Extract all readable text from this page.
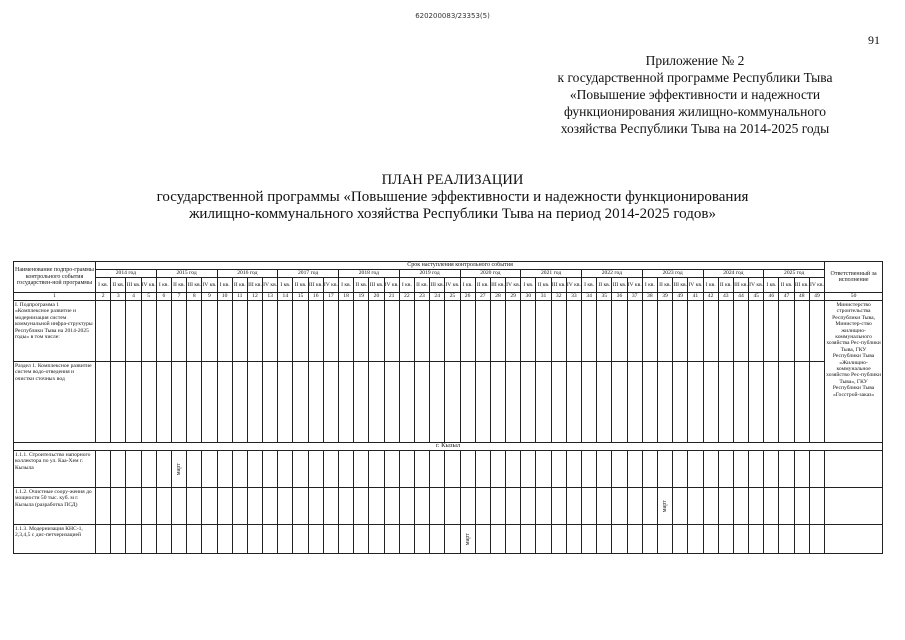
620200083/23353(5)
91
Приложение № 2
к государственной программе Республики Тыва
«Повышение эффективности и надежности
функционирования жилищно-коммунального
хозяйства Республики Тыва на 2014-2025 годы
ПЛАН РЕАЛИЗАЦИИ
государственной программы «Повышение эффективности и надежности функционирования
жилищно-коммунального хозяйства Республики Тыва на период 2014-2025 годов»
Наименование подпро-граммы контрольного события государствен-ной программы	Срок наступления контрольного события																																																Ответственный за исполнение
	2014 год				2015 год				2016 год				2017 год				2018 год				2019 год				2020 год				2021 год				2022 год				2023 год				2024 год				2025 год				
	I кв.	II кв.	III кв.	IV кв.	I кв.	II кв.	III кв.	IV кв.	I кв.	II кв.	III кв.	IV кв.	I кв.	II кв.	III кв.	IV кв.	I кв.	II кв.	III кв.	IV кв.	I кв.	II кв.	III кв.	IV кв.	I кв.	II кв.	III кв.	IV кв.	I кв.	II кв.	III кв.	IV кв.	I кв.	II кв.	III кв.	IV кв.	I кв.	II кв.	III кв.	IV кв.	I кв.	II кв.	III кв.	IV кв.	I кв.	II кв.	III кв.	IV кв.	
1	2	3	4	5	6	7	8	9	10	11	12	13	14	15	16	17	18	19	20	21	22	23	24	25	26	27	28	29	30	31	32	33	34	35	36	37	38	39	49	41	42	43	44	45	46	47	48	49	50
I. Подпрограмма 1 «Комплексное развитие и модернизация систем коммунальной инфра-структуры Республики Тыва на 2014-2025 годы» в том числе:																																																	Министерство строительства Республики Тыва, Министер-ство жилищно-коммунального хозяйства Рес-публики Тыва, ГКУ Республики Тыва «Жилищно-коммунальное хозяйство Рес-публики Тыва», ГКУ Республики Тыва «Госстрой-заказ»
Раздел 1. Комплексное развитие систем водо-отведения и очистки сточных вод																																																	
г. Кызыл																																																	
1.1.1. Строительство напорного коллектора по ул. Каа-Хем г. Кызыла						март																																											
1.1.2. Очистные соору-жения до мощности 50 тыс. куб. м г. Кызыла (разработка ПСД)																																						март											
1.1.3. Модернизация КНС-1, 2,3,4,5 с дис-петчеризацией																									март																								
